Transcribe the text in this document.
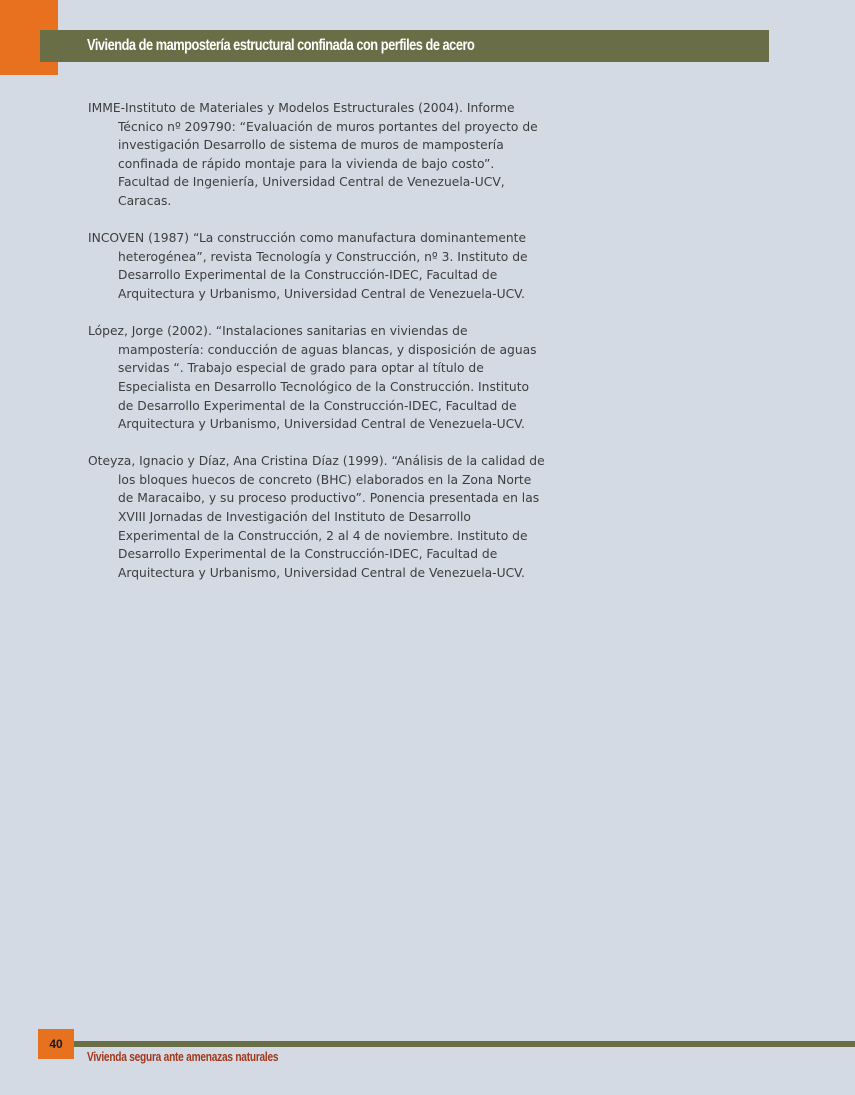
Vivienda de mampostería estructural confinada con perfiles de acero

IMME-Instituto de Materiales y Modelos Estructurales (2004). Informe Técnico nº 209790: “Evaluación de muros portantes del proyecto de investigación Desarrollo de sistema de muros de mampostería confinada de rápido montaje para la vivienda de bajo costo”. Facultad de Ingeniería, Universidad Central de Venezuela-UCV, Caracas.

INCOVEN (1987) “La construcción como manufactura dominantemente heterogénea”, revista Tecnología y Construcción, nº 3. Instituto de Desarrollo Experimental de la Construcción-IDEC, Facultad de Arquitectura y Urbanismo, Universidad Central de Venezuela-UCV.

López, Jorge (2002). “Instalaciones sanitarias en viviendas de mampostería: conducción de aguas blancas, y disposición de aguas servidas “. Trabajo especial de grado para optar al título de Especialista en Desarrollo Tecnológico de la Construcción. Instituto de Desarrollo Experimental de la Construcción-IDEC, Facultad de Arquitectura y Urbanismo, Universidad Central de Venezuela-UCV.

Oteyza, Ignacio y Díaz, Ana Cristina Díaz (1999). “Análisis de la calidad de los bloques huecos de concreto (BHC) elaborados en la Zona Norte de Maracaibo, y su proceso productivo”. Ponencia presentada en las XVIII Jornadas de Investigación del Instituto de Desarrollo Experimental de la Construcción, 2 al 4 de noviembre. Instituto de Desarrollo Experimental de la Construcción-IDEC, Facultad de Arquitectura y Urbanismo, Universidad Central de Venezuela-UCV.

40
Vivienda segura ante amenazas naturales
